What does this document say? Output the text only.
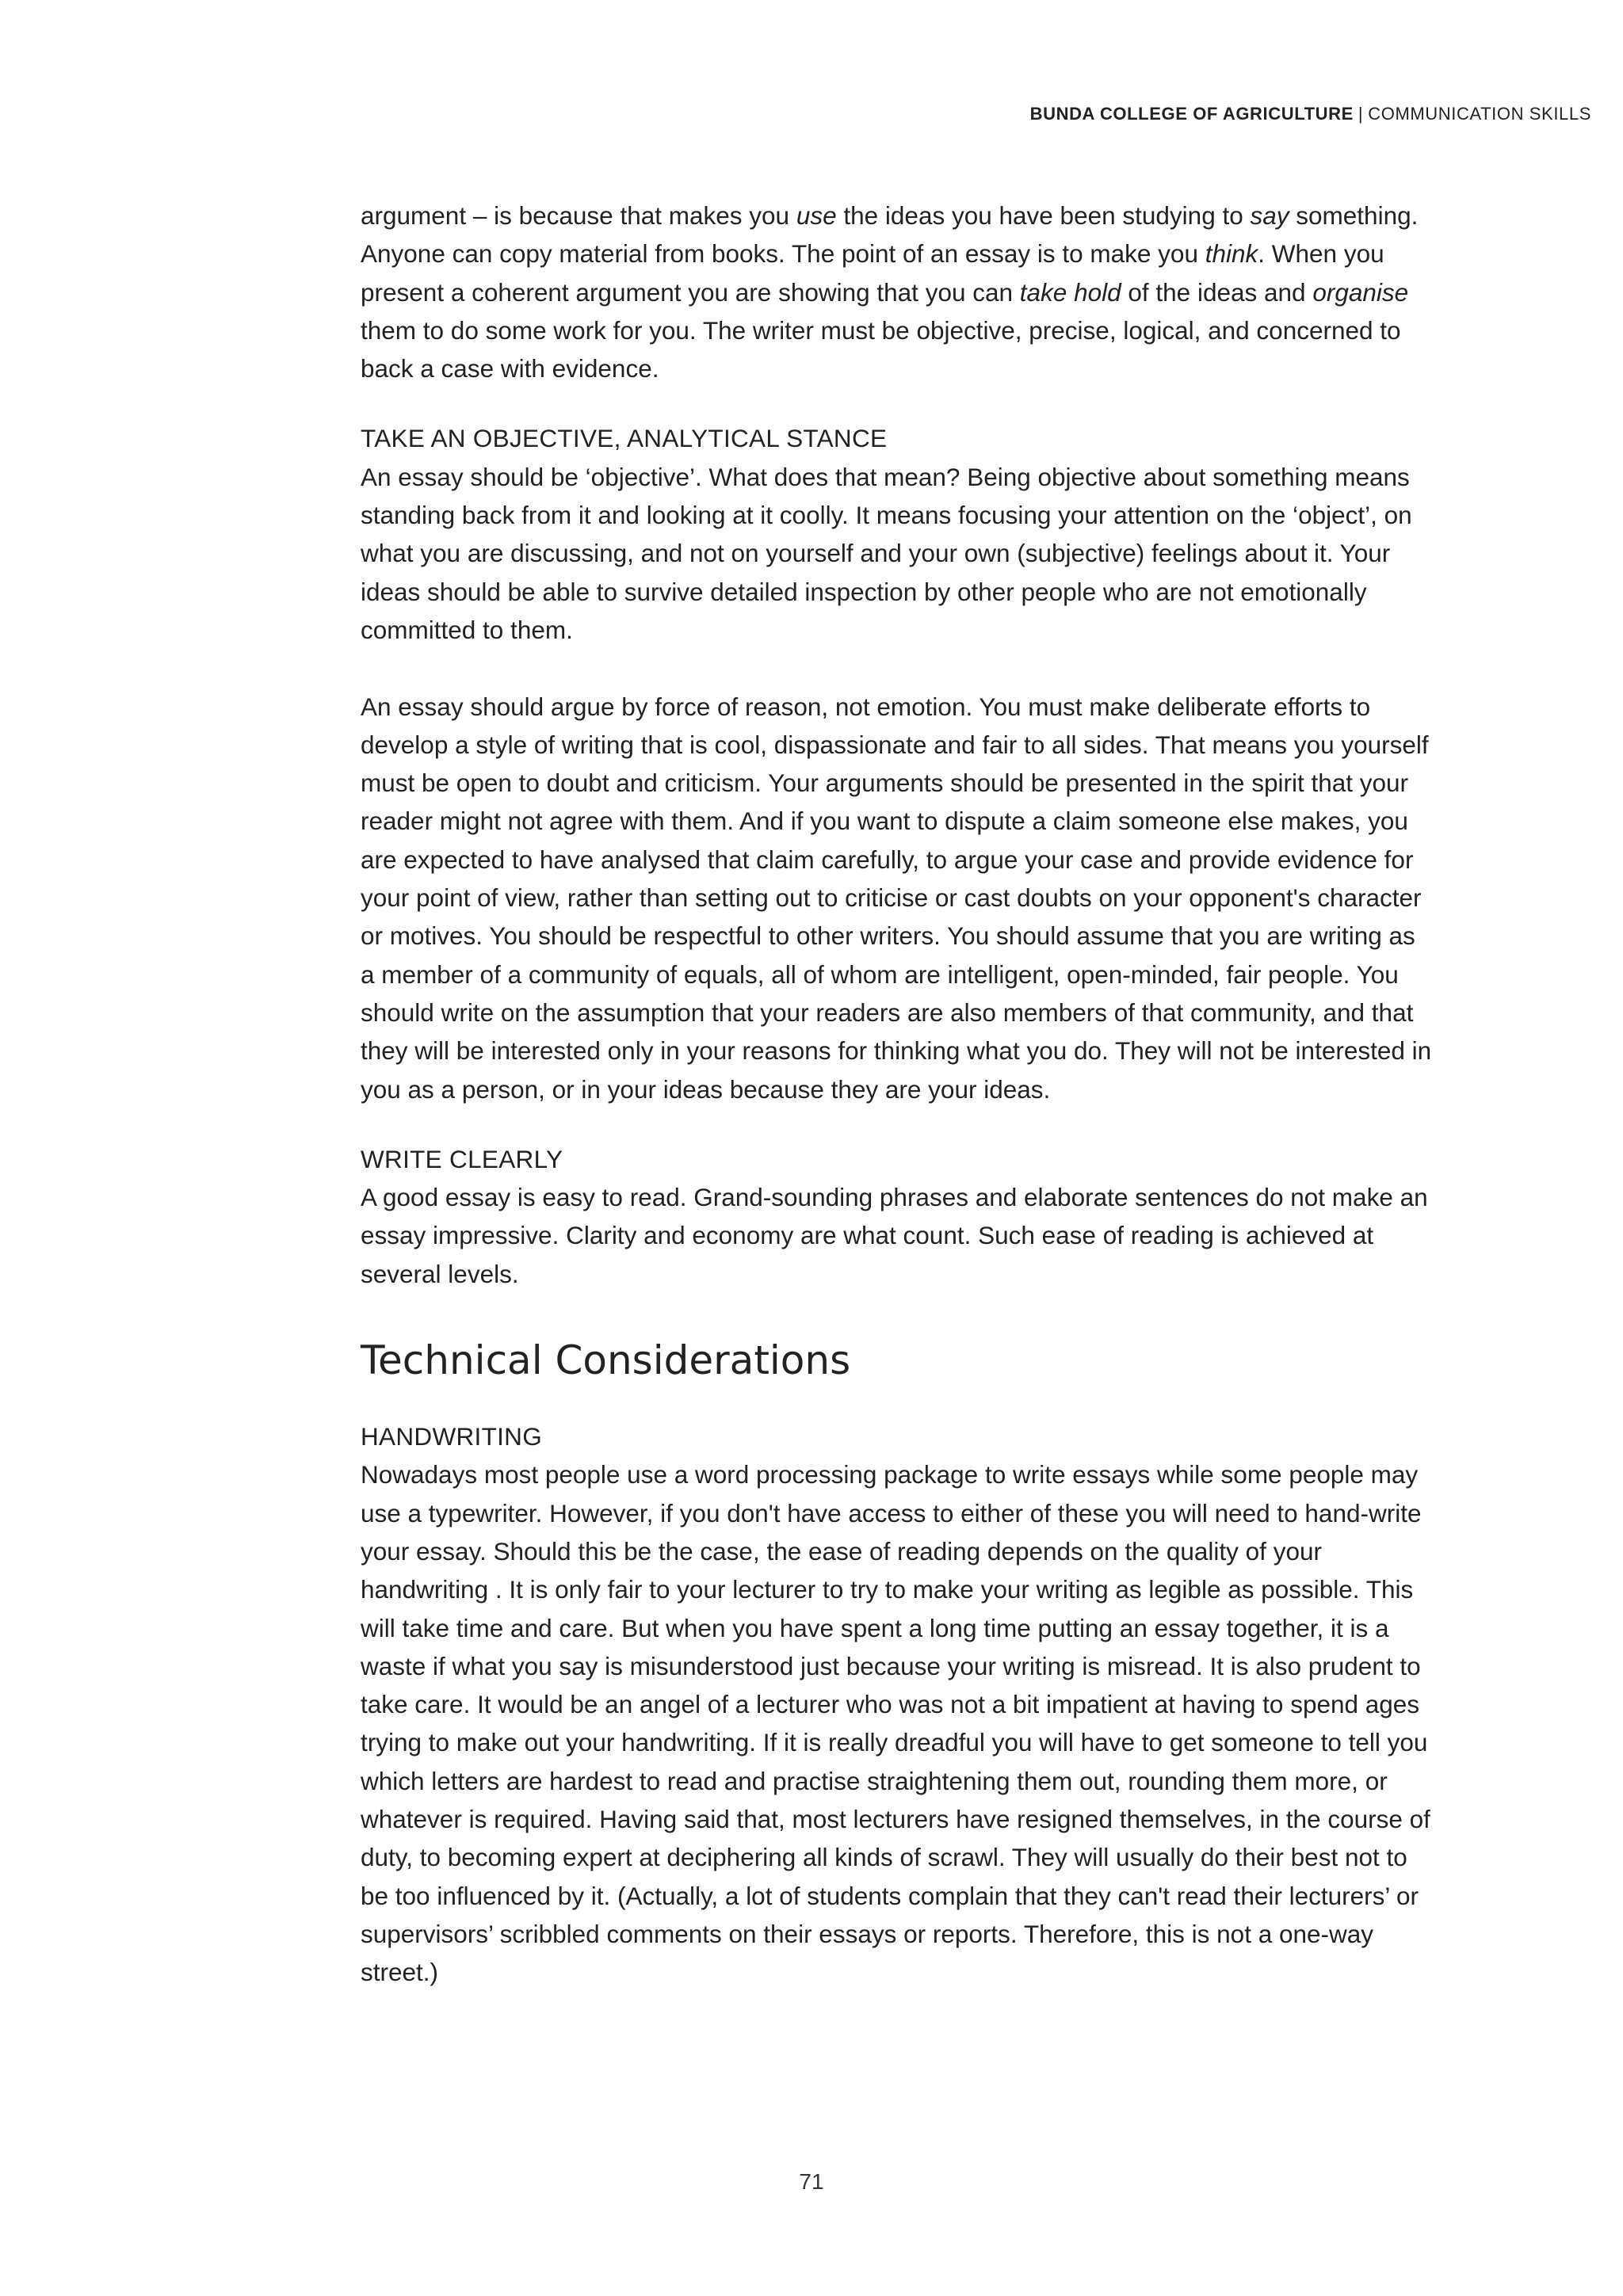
BUNDA COLLEGE OF AGRICULTURE | COMMUNICATION SKILLS

argument – is because that makes you use the ideas you have been studying to say something. Anyone can copy material from books. The point of an essay is to make you think. When you present a coherent argument you are showing that you can take hold of the ideas and organise them to do some work for you. The writer must be objective, precise, logical, and concerned to back a case with evidence.

TAKE AN OBJECTIVE, ANALYTICAL STANCE

An essay should be ‘objective’. What does that mean? Being objective about something means standing back from it and looking at it coolly. It means focusing your attention on the ‘object’, on what you are discussing, and not on yourself and your own (subjective) feelings about it. Your ideas should be able to survive detailed inspection by other people who are not emotionally committed to them.

An essay should argue by force of reason, not emotion. You must make deliberate efforts to develop a style of writing that is cool, dispassionate and fair to all sides. That means you yourself must be open to doubt and criticism. Your arguments should be presented in the spirit that your reader might not agree with them. And if you want to dispute a claim someone else makes, you are expected to have analysed that claim carefully, to argue your case and provide evidence for your point of view, rather than setting out to criticise or cast doubts on your opponent's character or motives. You should be respectful to other writers. You should assume that you are writing as a member of a community of equals, all of whom are intelligent, open-minded, fair people. You should write on the assumption that your readers are also members of that community, and that they will be interested only in your reasons for thinking what you do. They will not be interested in you as a person, or in your ideas because they are your ideas.

WRITE CLEARLY

A good essay is easy to read. Grand-sounding phrases and elaborate sentences do not make an essay impressive. Clarity and economy are what count. Such ease of reading is achieved at several levels.

Technical Considerations
HANDWRITING

Nowadays most people use a word processing package to write essays while some people may use a typewriter. However, if you don't have access to either of these you will need to hand-write your essay. Should this be the case, the ease of reading depends on the quality of your handwriting . It is only fair to your lecturer to try to make your writing as legible as possible. This will take time and care. But when you have spent a long time putting an essay together, it is a waste if what you say is misunderstood just because your writing is misread. It is also prudent to take care. It would be an angel of a lecturer who was not a bit impatient at having to spend ages trying to make out your handwriting. If it is really dreadful you will have to get someone to tell you which letters are hardest to read and practise straightening them out, rounding them more, or whatever is required. Having said that, most lecturers have resigned themselves, in the course of duty, to becoming expert at deciphering all kinds of scrawl. They will usually do their best not to be too influenced by it. (Actually, a lot of students complain that they can't read their lecturers’ or supervisors’ scribbled comments on their essays or reports. Therefore, this is not a one-way street.)

71
